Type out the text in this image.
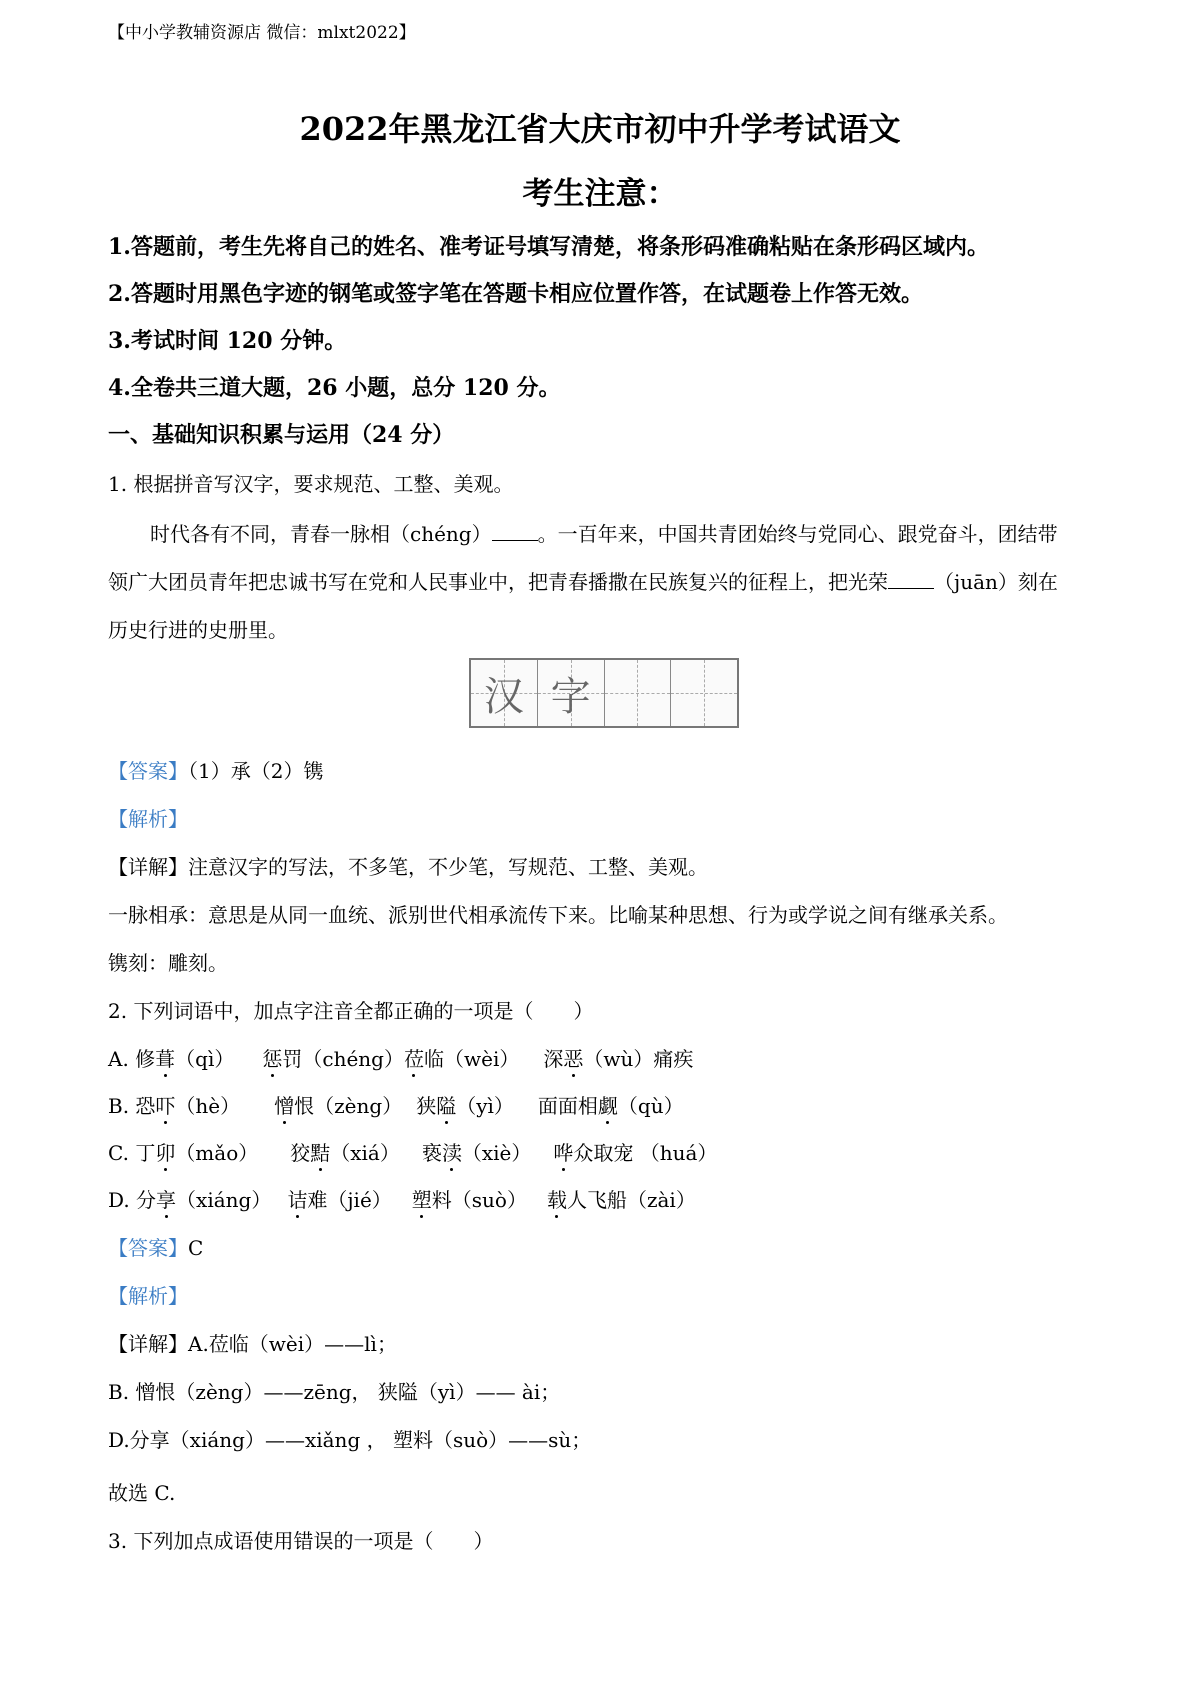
【中小学教辅资源店 微信：mlxt2022】
2022年黑龙江省大庆市初中升学考试语文
考生注意：
1.答题前，考生先将自己的姓名、准考证号填写清楚，将条形码准确粘贴在条形码区域内。
2.答题时用黑色字迹的钢笔或签字笔在答题卡相应位置作答，在试题卷上作答无效。
3.考试时间 120 分钟。
4.全卷共三道大题，26 小题，总分 120 分。
一、基础知识积累与运用（24 分）
1. 根据拼音写汉字，要求规范、工整、美观。
时代各有不同，青春一脉相（chéng） 。一百年来，中国共青团始终与党同心、跟党奋斗，团结带
领广大团员青年把忠诚书写在党和人民事业中，把青春播撒在民族复兴的征程上，把光荣 （juān）刻在
历史行进的史册里。
汉 字
【答案】（1）承（2）镌
【解析】
【详解】注意汉字的写法，不多笔，不少笔，写规范、工整、美观。
一脉相承：意思是从同一血统、派别世代相承流传下来。比喻某种思想、行为或学说之间有继承关系。
镌刻：雕刻。
2. 下列词语中，加点字注音全都正确的一项是（　　）
A. 修葺（qì） 惩罚（chéng）莅临（wèi） 深恶（wù）痛疾
B. 恐吓（hè） 憎恨（zèng） 狭隘（yì） 面面相觑（qù）
C. 丁卯（mǎo） 狡黠（xiá） 亵渎（xiè） 哗众取宠 （huá）
D. 分享（xiáng） 诘难（jié） 塑料（suò） 载人飞船（zài）
【答案】C
【解析】
【详解】A.莅临（wèi）——lì；
B. 憎恨（zèng）——zēng， 狭隘（yì）—— ài；
D.分享（xiáng）——xiǎng ， 塑料（suò）——sù；
故选 C.
3. 下列加点成语使用错误的一项是（　　）
